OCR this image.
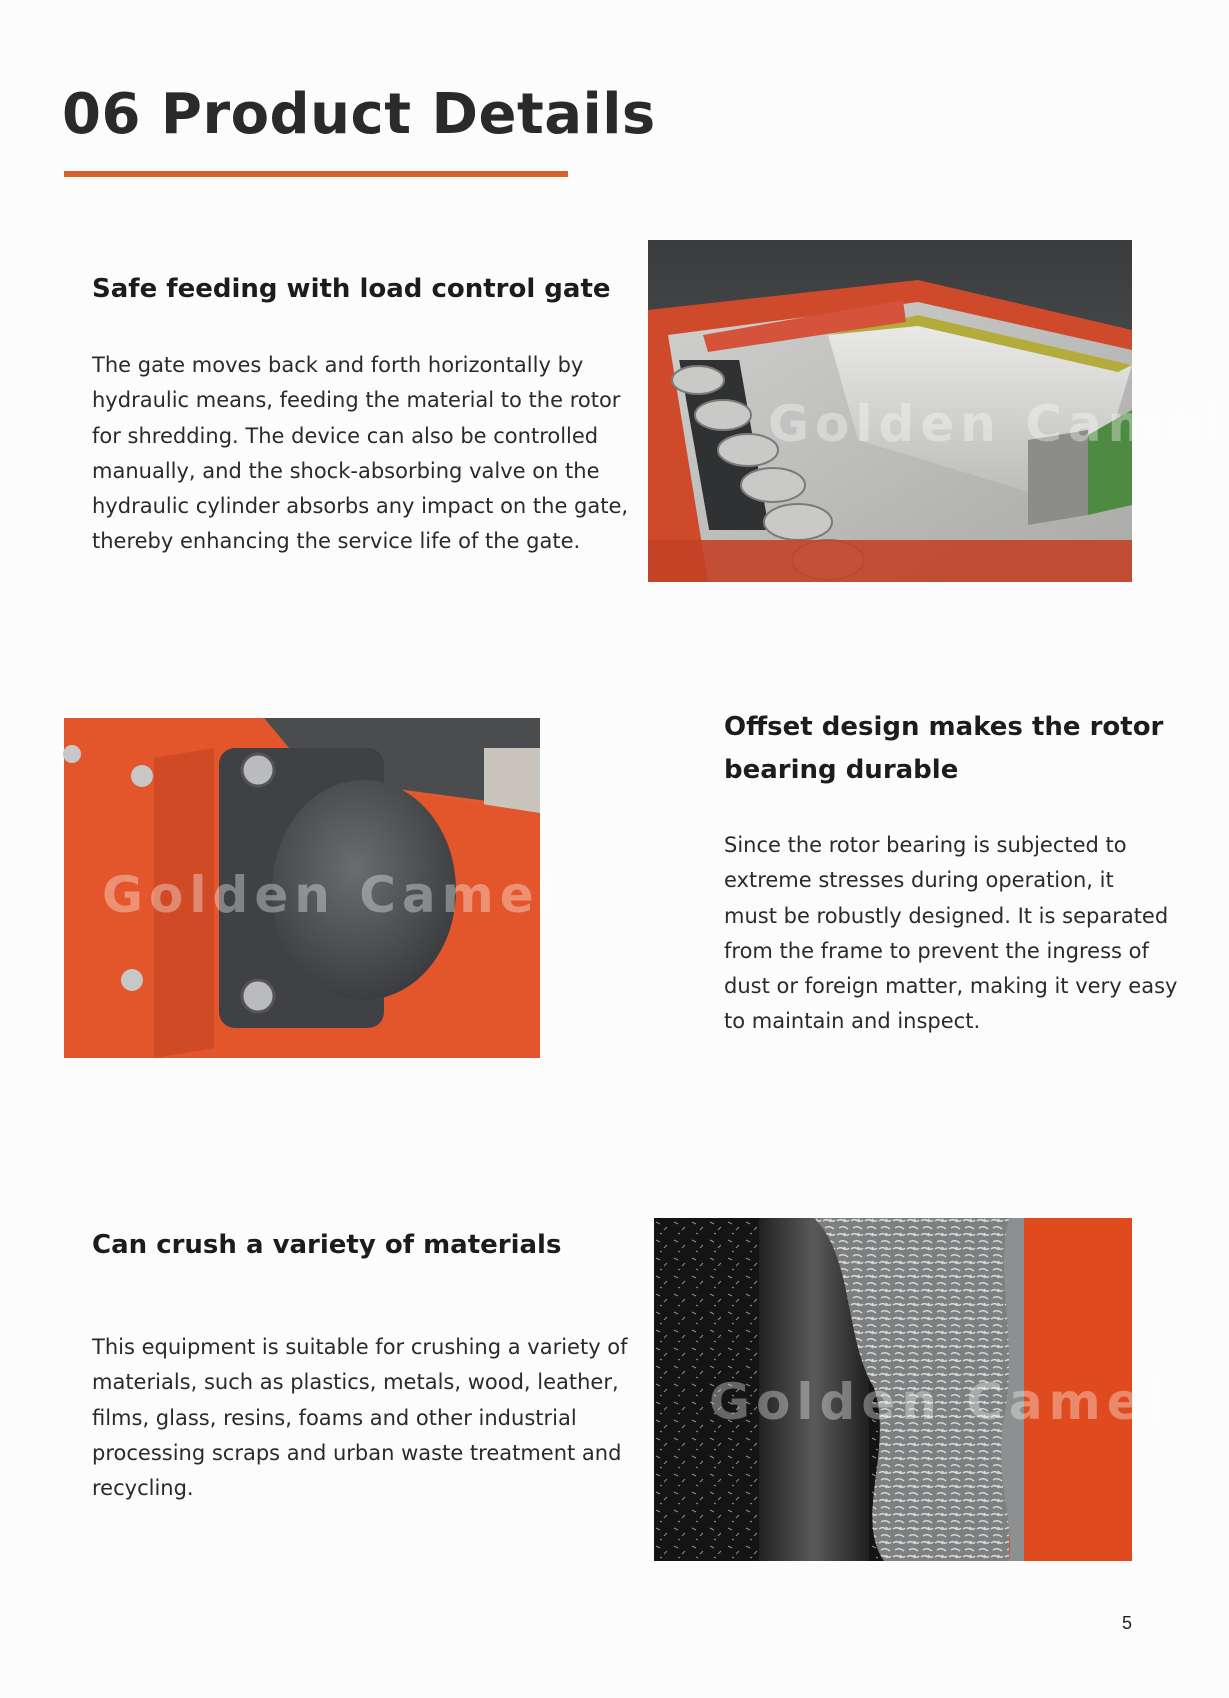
06 Product Details
Safe feeding with load control gate
The gate moves back and forth horizontally by
hydraulic means, feeding the material to the rotor
for shredding. The device can also be controlled
manually, and the shock-absorbing valve on the
hydraulic cylinder absorbs any impact on the gate,
thereby enhancing the service life of the gate.
Golden Camel
Golden Camel
Offset design makes the rotor
bearing durable
Since the rotor bearing is subjected to
extreme stresses during operation, it
must be robustly designed. It is separated
from the frame to prevent the ingress of
dust or foreign matter, making it very easy
to maintain and inspect.
Can crush a variety of materials
This equipment is suitable for crushing a variety of
materials, such as plastics, metals, wood, leather,
films, glass, resins, foams and other industrial
processing scraps and urban waste treatment and
recycling.
Golden Camel
5
